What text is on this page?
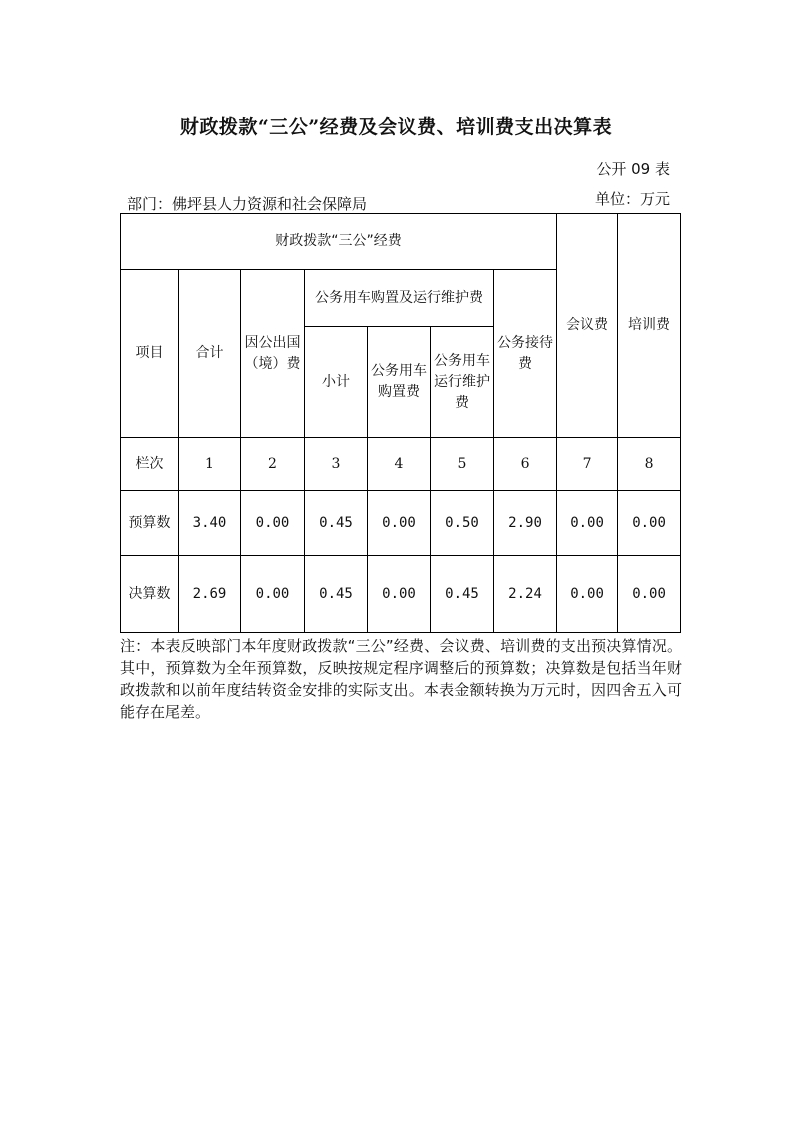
财政拨款“三公”经费及会议费、培训费支出决算表
公开 09 表
部门：佛坪县人力资源和社会保障局	单位：万元
财政拨款“三公”经费							会议费	培训费
项目	合计	因公出国（境）费	公务用车购置及运行维护费			公务接待费		
			小计	公务用车购置费	公务用车运行维护费			

栏次	1	2	3	4	5	6	7	8
预算数	3.40	0.00	0.45	0.00	0.50	2.90	0.00	0.00
决算数	2.69	0.00	0.45	0.00	0.45	2.24	0.00	0.00
注：本表反映部门本年度财政拨款“三公”经费、会议费、培训费的支出预决算情况。其中，预算数为全年预算数，反映按规定程序调整后的预算数；决算数是包括当年财政拨款和以前年度结转资金安排的实际支出。本表金额转换为万元时，因四舍五入可能存在尾差。
